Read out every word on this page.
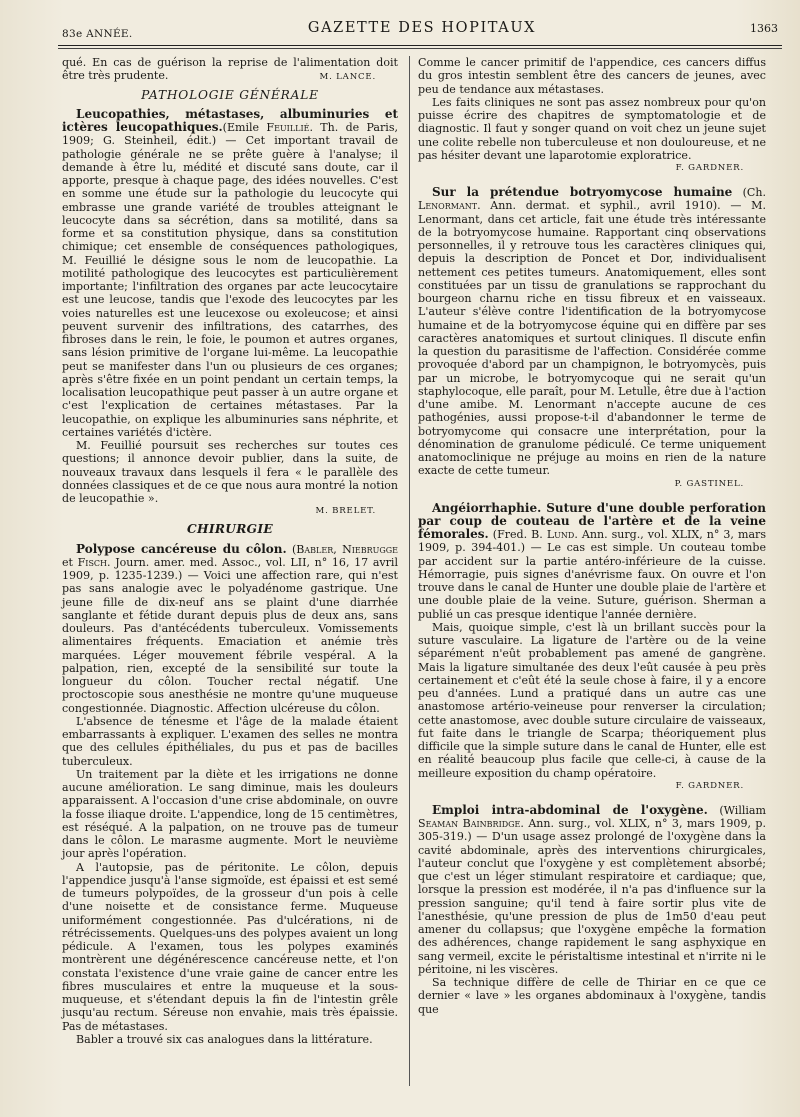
83e ANNÉE.	GAZETTE DES HOPITAUX	1363

qué. En cas de guérison la reprise de l'alimentation doit être très prudente.	M. LANCE.
PATHOLOGIE GÉNÉRALE

Leucopathies, métastases, albuminuries et ictères leucopathiques.(Emile Feuillié. Th. de Paris, 1909; G. Steinheil, édit.) — Cet important travail de pathologie générale ne se prête guère à l'analyse; il demande à être lu, médité et discuté sans doute, car il apporte, presque à chaque page, des idées nouvelles. C'est en somme une étude sur la pathologie du leucocyte qui embrasse une grande variété de troubles atteignant le leucocyte dans sa sécrétion, dans sa motilité, dans sa forme et sa constitution physique, dans sa constitution chimique; cet ensemble de conséquences pathologiques, M. Feuillié le désigne sous le nom de leucopathie. La motilité pathologique des leucocytes est particulièrement importante; l'infiltration des organes par acte leucocytaire est une leucose, tandis que l'exode des leucocytes par les voies naturelles est une leucexose ou exoleucose; et ainsi peuvent survenir des infiltrations, des catarrhes, des fibroses dans le rein, le foie, le poumon et autres organes, sans lésion primitive de l'organe lui-même. La leucopathie peut se manifester dans l'un ou plusieurs de ces organes; après s'être fixée en un point pendant un certain temps, la localisation leucopathique peut passer à un autre organe et c'est l'explication de certaines métastases. Par la leucopathie, on explique les albuminuries sans néphrite, et certaines variétés d'ictère.

M. Feuillié poursuit ses recherches sur toutes ces questions; il annonce devoir publier, dans la suite, de nouveaux travaux dans lesquels il fera « le parallèle des données classiques et de ce que nous aura montré la notion de leucopathie ».

M. BRELET.
CHIRURGIE

Polypose cancéreuse du côlon. (Babler, Niebrugge et Fisch. Journ. amer. med. Assoc., vol. LII, n° 16, 17 avril 1909, p. 1235-1239.) — Voici une affection rare, qui n'est pas sans analogie avec le polyadénome gastrique. Une jeune fille de dix-neuf ans se plaint d'une diarrhée sanglante et fétide durant depuis plus de deux ans, sans douleurs. Pas d'antécédents tuberculeux. Vomissements alimentaires fréquents. Emaciation et anémie très marquées. Léger mouvement fébrile vespéral. A la palpation, rien, excepté de la sensibilité sur toute la longueur du côlon. Toucher rectal négatif. Une proctoscopie sous anesthésie ne montre qu'une muqueuse congestionnée. Diagnostic. Affection ulcéreuse du côlon.

L'absence de ténesme et l'âge de la malade étaient embarrassants à expliquer. L'examen des selles ne montra que des cellules épithéliales, du pus et pas de bacilles tuberculeux.

Un traitement par la diète et les irrigations ne donne aucune amélioration. Le sang diminue, mais les douleurs apparaissent. A l'occasion d'une crise abdominale, on ouvre la fosse iliaque droite. L'appendice, long de 15 centimètres, est réséqué. A la palpation, on ne trouve pas de tumeur dans le côlon. Le marasme augmente. Mort le neuvième jour après l'opération.

A l'autopsie, pas de péritonite. Le côlon, depuis l'appendice jusqu'à l'anse sigmoïde, est épaissi et est semé de tumeurs polypoïdes, de la grosseur d'un pois à celle d'une noisette et de consistance ferme. Muqueuse uniformément congestionnée. Pas d'ulcérations, ni de rétrécissements. Quelques-uns des polypes avaient un long pédicule. A l'examen, tous les polypes examinés montrèrent une dégénérescence cancéreuse nette, et l'on constata l'existence d'une vraie gaine de cancer entre les fibres musculaires et entre la muqueuse et la sous-muqueuse, et s'étendant depuis la fin de l'intestin grêle jusqu'au rectum. Séreuse non envahie, mais très épaissie. Pas de métastases.

Babler a trouvé six cas analogues dans la littérature.

Comme le cancer primitif de l'appendice, ces cancers diffus du gros intestin semblent être des cancers de jeunes, avec peu de tendance aux métastases.

Les faits cliniques ne sont pas assez nombreux pour qu'on puisse écrire des chapitres de symptomatologie et de diagnostic. Il faut y songer quand on voit chez un jeune sujet une colite rebelle non tuberculeuse et non douloureuse, et ne pas hésiter devant une laparotomie exploratrice.

F. GARDNER.

Sur la prétendue botryomycose humaine (Ch. Lenormant. Ann. dermat. et syphil., avril 1910). — M. Lenormant, dans cet article, fait une étude très intéressante de la botryomycose humaine. Rapportant cinq observations personnelles, il y retrouve tous les caractères cliniques qui, depuis la description de Poncet et Dor, individualisent nettement ces petites tumeurs. Anatomiquement, elles sont constituées par un tissu de granulations se rapprochant du bourgeon charnu riche en tissu fibreux et en vaisseaux. L'auteur s'élève contre l'identification de la botryomycose humaine et de la botryomycose équine qui en diffère par ses caractères anatomiques et surtout cliniques. Il discute enfin la question du parasitisme de l'affection. Considérée comme provoquée d'abord par un champignon, le botryomycès, puis par un microbe, le botryomycoque qui ne serait qu'un staphylocoque, elle paraît, pour M. Letulle, être due à l'action d'une amibe. M. Lenormant n'accepte aucune de ces pathogénies, aussi propose-t-il d'abandonner le terme de botryomycome qui consacre une interprétation, pour la dénomination de granulome pédiculé. Ce terme uniquement anatomoclinique ne préjuge au moins en rien de la nature exacte de cette tumeur.

P. GASTINEL.

Angéiorrhaphie. Suture d'une double perforation par coup de couteau de l'artère et de la veine fémorales. (Fred. B. Lund. Ann. surg., vol. XLIX, n° 3, mars 1909, p. 394-401.) — Le cas est simple. Un couteau tombe par accident sur la partie antéro-inférieure de la cuisse. Hémorragie, puis signes d'anévrisme faux. On ouvre et l'on trouve dans le canal de Hunter une double plaie de l'artère et une double plaie de la veine. Suture, guérison. Sherman a publié un cas presque identique l'année dernière.

Mais, quoique simple, c'est là un brillant succès pour la suture vasculaire. La ligature de l'artère ou de la veine séparément n'eût probablement pas amené de gangrène. Mais la ligature simultanée des deux l'eût causée à peu près certainement et c'eût été la seule chose à faire, il y a encore peu d'années. Lund a pratiqué dans un autre cas une anastomose artério-veineuse pour renverser la circulation; cette anastomose, avec double suture circulaire de vaisseaux, fut faite dans le triangle de Scarpa; théoriquement plus difficile que la simple suture dans le canal de Hunter, elle est en réalité beaucoup plus facile que celle-ci, à cause de la meilleure exposition du champ opératoire.

F. GARDNER.

Emploi intra-abdominal de l'oxygène. (William Seaman Bainbridge. Ann. surg., vol. XLIX, n° 3, mars 1909, p. 305-319.) — D'un usage assez prolongé de l'oxygène dans la cavité abdominale, après des interventions chirurgicales, l'auteur conclut que l'oxygène y est complètement absorbé; que c'est un léger stimulant respiratoire et cardiaque; que, lorsque la pression est modérée, il n'a pas d'influence sur la pression sanguine; qu'il tend à faire sortir plus vite de l'anesthésie, qu'une pression de plus de 1m50 d'eau peut amener du collapsus; que l'oxygène empêche la formation des adhérences, change rapidement le sang asphyxique en sang vermeil, excite le péristaltisme intestinal et n'irrite ni le péritoine, ni les viscères.

Sa technique diffère de celle de Thiriar en ce que ce dernier « lave » les organes abdominaux à l'oxygène, tandis que
